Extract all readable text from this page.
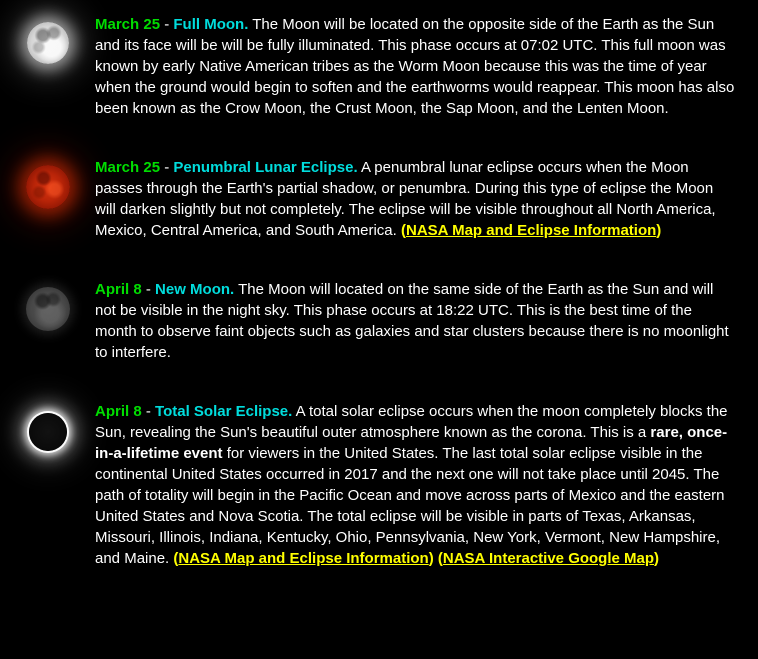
March 25 - Full Moon. The Moon will be located on the opposite side of the Earth as the Sun and its face will be will be fully illuminated. This phase occurs at 07:02 UTC. This full moon was known by early Native American tribes as the Worm Moon because this was the time of year when the ground would begin to soften and the earthworms would reappear. This moon has also been known as the Crow Moon, the Crust Moon, the Sap Moon, and the Lenten Moon.

March 25 - Penumbral Lunar Eclipse. A penumbral lunar eclipse occurs when the Moon passes through the Earth's partial shadow, or penumbra. During this type of eclipse the Moon will darken slightly but not completely. The eclipse will be visible throughout all North America, Mexico, Central America, and South America. (NASA Map and Eclipse Information)

April 8 - New Moon. The Moon will located on the same side of the Earth as the Sun and will not be visible in the night sky. This phase occurs at 18:22 UTC. This is the best time of the month to observe faint objects such as galaxies and star clusters because there is no moonlight to interfere.

April 8 - Total Solar Eclipse. A total solar eclipse occurs when the moon completely blocks the Sun, revealing the Sun's beautiful outer atmosphere known as the corona. This is a rare, once-in-a-lifetime event for viewers in the United States. The last total solar eclipse visible in the continental United States occurred in 2017 and the next one will not take place until 2045. The path of totality will begin in the Pacific Ocean and move across parts of Mexico and the eastern United States and Nova Scotia. The total eclipse will be visible in parts of Texas, Arkansas, Missouri, Illinois, Indiana, Kentucky, Ohio, Pennsylvania, New York, Vermont, New Hampshire, and Maine. (NASA Map and Eclipse Information) (NASA Interactive Google Map)
